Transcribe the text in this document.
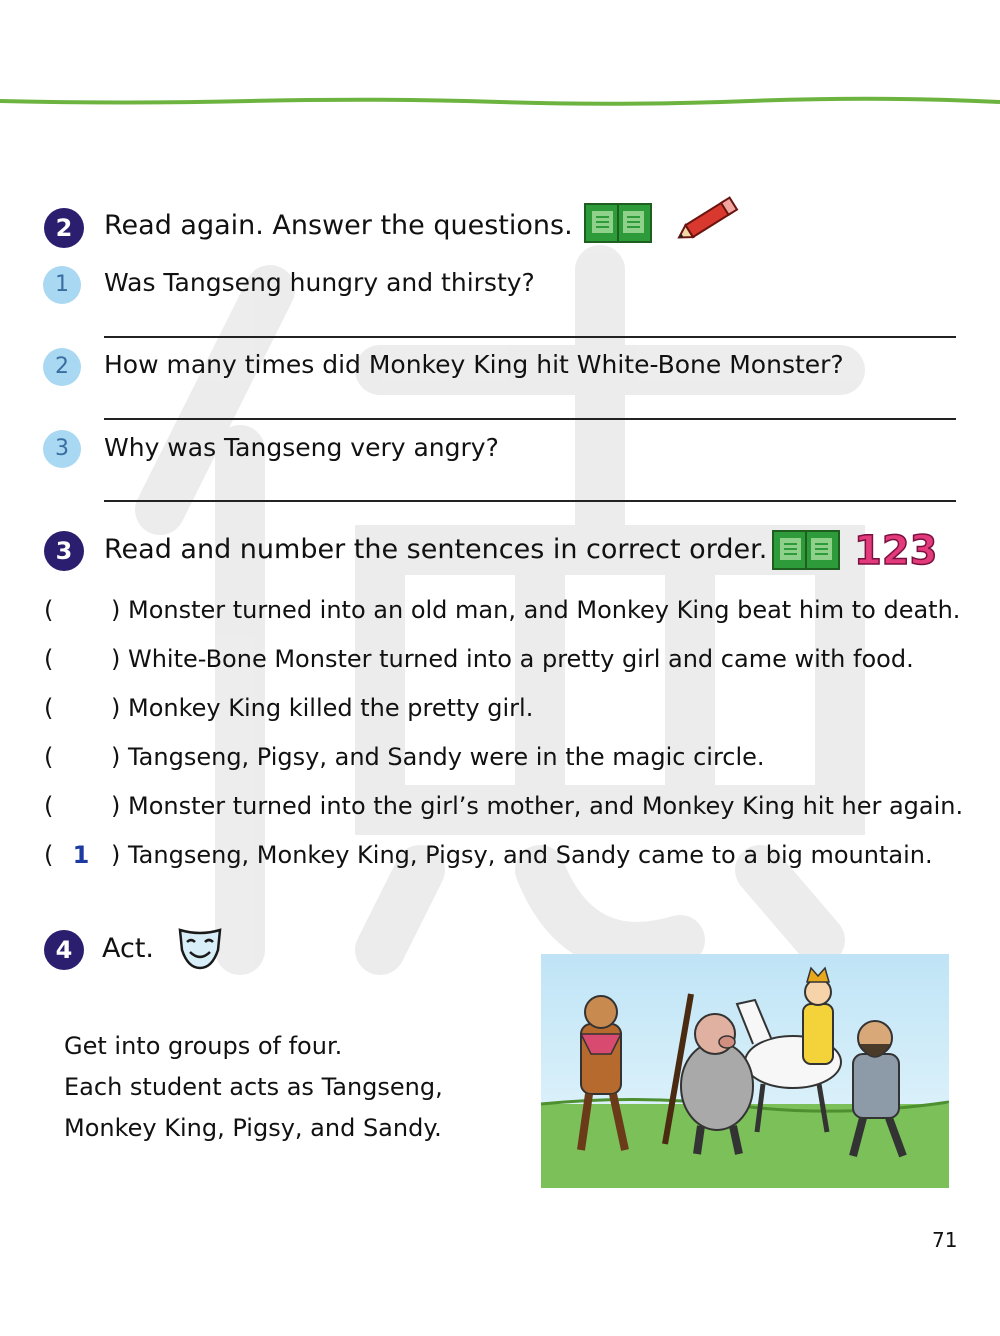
2	Read again. Answer the questions.
1	Was Tangseng hungry and thirsty?
2	How many times did Monkey King hit White-Bone Monster?
3	Why was Tangseng very angry?
3	Read and number the sentences in correct order. 123
( ) Monster turned into an old man, and Monkey King beat him to death.
( ) White-Bone Monster turned into a pretty girl and came with food.
( ) Monkey King killed the pretty girl.
( ) Tangseng, Pigsy, and Sandy were in the magic circle.
( ) Monster turned into the girl’s mother, and Monkey King hit her again.
( 1 ) Tangseng, Monkey King, Pigsy, and Sandy came to a big mountain.
4	Act.
Get into groups of four.
Each student acts as Tangseng,
Monkey King, Pigsy, and Sandy.
71
